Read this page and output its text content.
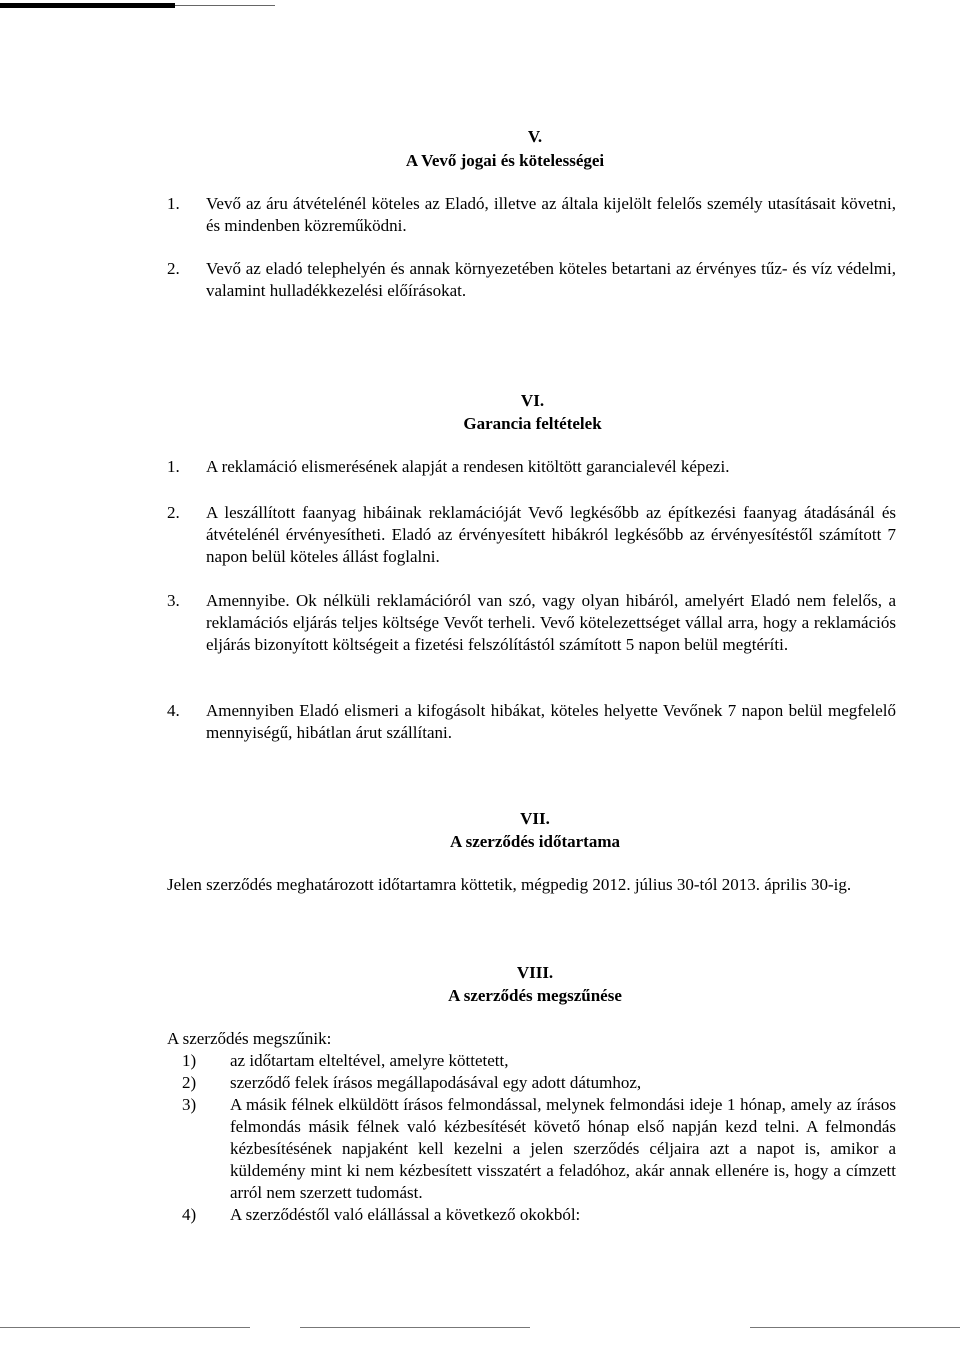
V.
A Vevő jogai és kötelességei
1. Vevő az áru átvételénél köteles az Eladó, illetve az általa kijelölt felelős személy utasításait követni, és mindenben közreműködni.
2. Vevő az eladó telephelyén és annak környezetében köteles betartani az érvényes tűz- és víz védelmi, valamint hulladékkezelési előírásokat.
VI.
Garancia feltételek
1. A reklamáció elismerésének alapját a rendesen kitöltött garancialevél képezi.
2. A leszállított faanyag hibáinak reklamációját Vevő legkésőbb az építkezési faanyag átadásánál és átvételénél érvényesítheti. Eladó az érvényesített hibákról legkésőbb az érvényesítéstől számított 7 napon belül köteles állást foglalni.
3. Amennyibe. Ok nélküli reklamációról van szó, vagy olyan hibáról, amelyért Eladó nem felelős, a reklamációs eljárás teljes költsége Vevőt terheli. Vevő kötelezettséget vállal arra, hogy a reklamációs eljárás bizonyított költségeit a fizetési felszólítástól számított 5 napon belül megtéríti.
4. Amennyiben Eladó elismeri a kifogásolt hibákat, köteles helyette Vevőnek 7 napon belül megfelelő mennyiségű, hibátlan árut szállítani.
VII.
A szerződés időtartama
Jelen szerződés meghatározott időtartamra köttetik, mégpedig 2012. július 30-tól 2013. április 30-ig.
VIII.
A szerződés megszűnése
A szerződés megszűnik:
1) az időtartam elteltével, amelyre köttetett,
2) szerződő felek írásos megállapodásával egy adott dátumhoz,
3) A másik félnek elküldött írásos felmondással, melynek felmondási ideje 1 hónap, amely az írásos felmondás másik félnek való kézbesítését követő hónap első napján kezd telni. A felmondás kézbesítésének napjaként kell kezelni a jelen szerződés céljaira azt a napot is, amikor a küldemény mint ki nem kézbesített visszatért a feladóhoz, akár annak ellenére is, hogy a címzett arról nem szerzett tudomást.
4) A szerződéstől való elállással a következő okokból:
